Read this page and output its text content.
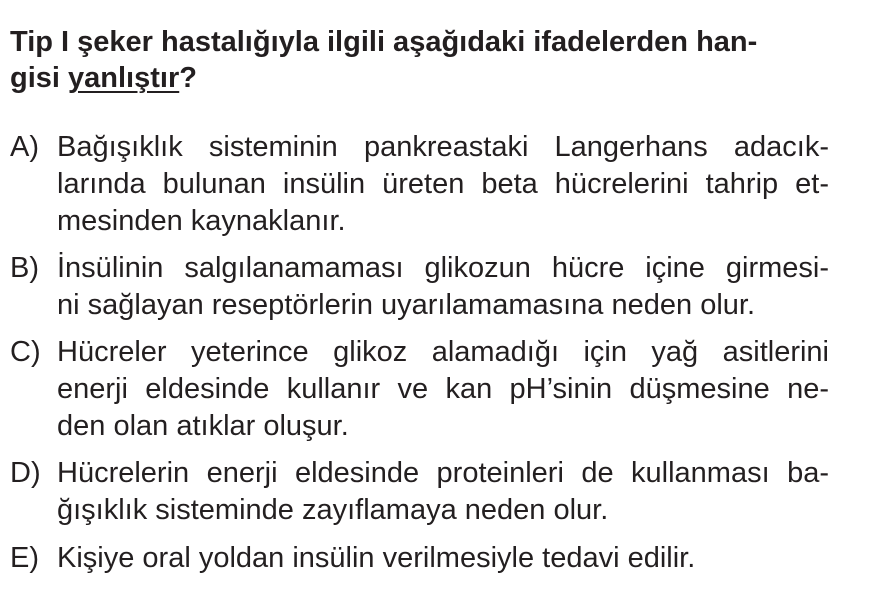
Tip I şeker hastalığıyla ilgili aşağıdaki ifadelerden han-
gisi yanlıştır?
A) Bağışıklık sisteminin pankreastaki Langerhans adacık-
larında bulunan insülin üreten beta hücrelerini tahrip et-
mesinden kaynaklanır.
B) İnsülinin salgılanamaması glikozun hücre içine girmesi-
ni sağlayan reseptörlerin uyarılamamasına neden olur.
C) Hücreler yeterince glikoz alamadığı için yağ asitlerini
enerji eldesinde kullanır ve kan pH’sinin düşmesine ne-
den olan atıklar oluşur.
D) Hücrelerin enerji eldesinde proteinleri de kullanması ba-
ğışıklık sisteminde zayıflamaya neden olur.
E) Kişiye oral yoldan insülin verilmesiyle tedavi edilir.
